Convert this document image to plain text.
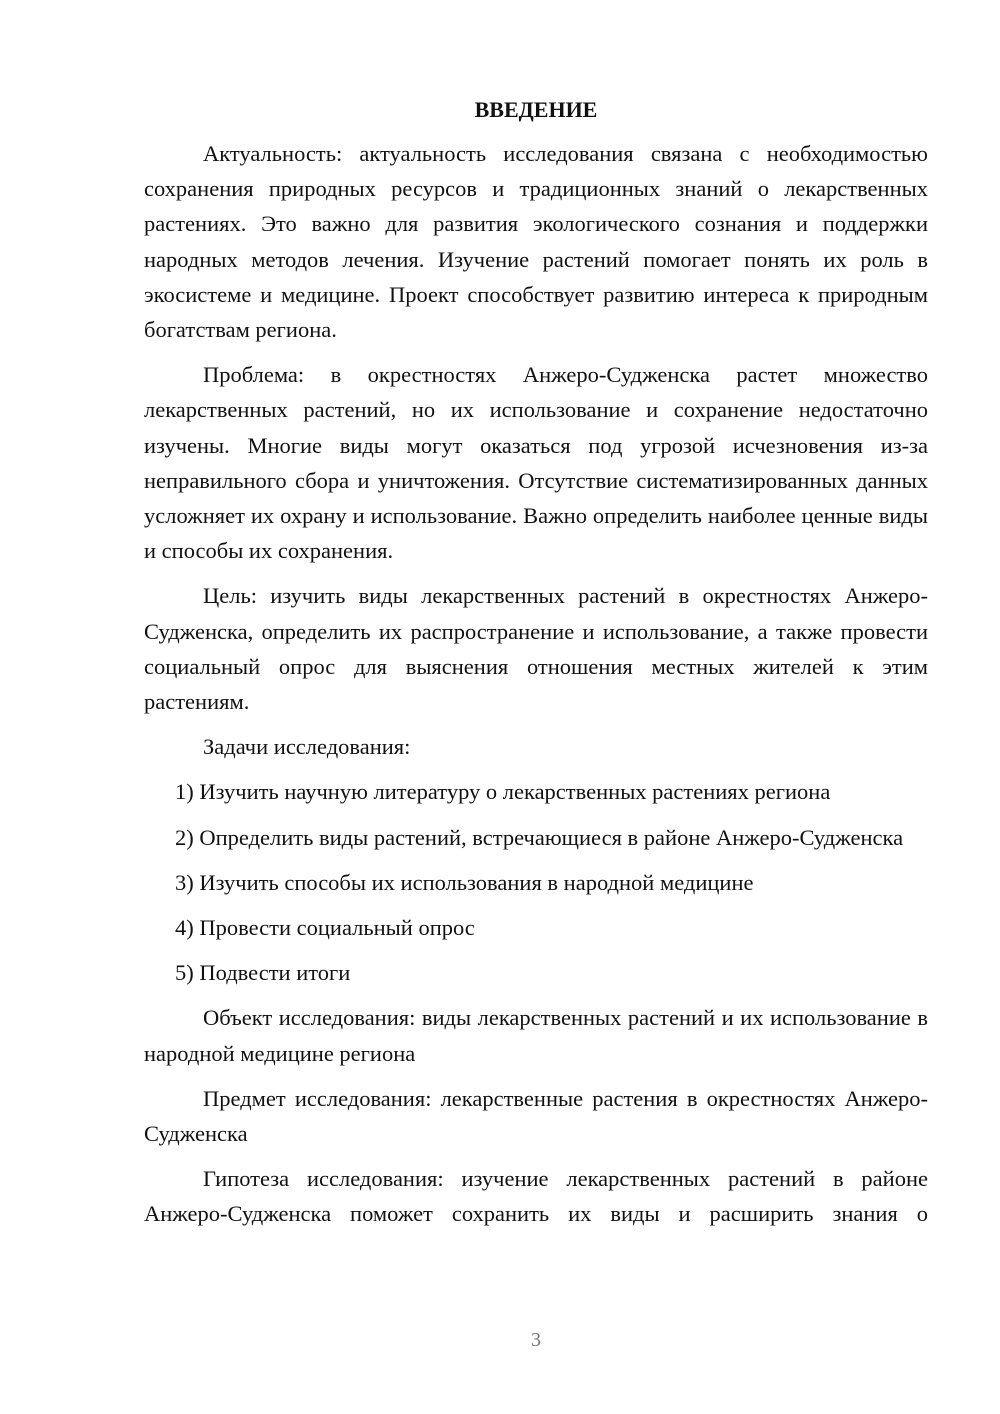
ВВЕДЕНИЕ

Актуальность: актуальность исследования связана с необходимостью сохранения природных ресурсов и традиционных знаний о лекарственных растениях. Это важно для развития экологического сознания и поддержки народных методов лечения. Изучение растений помогает понять их роль в экосистеме и медицине. Проект способствует развитию интереса к природным богатствам региона.

Проблема: в окрестностях Анжеро-Судженска растет множество лекарственных растений, но их использование и сохранение недостаточно изучены. Многие виды могут оказаться под угрозой исчезновения из-за неправильного сбора и уничтожения. Отсутствие систематизированных данных усложняет их охрану и использование. Важно определить наиболее ценные виды и способы их сохранения.

Цель: изучить виды лекарственных растений в окрестностях Анжеро-Судженска, определить их распространение и использование, а также провести социальный опрос для выяснения отношения местных жителей к этим растениям.

Задачи исследования:

1) Изучить научную литературу о лекарственных растениях региона

2) Определить виды растений, встречающиеся в районе Анжеро-Судженска

3) Изучить способы их использования в народной медицине

4) Провести социальный опрос

5) Подвести итоги

Объект исследования: виды лекарственных растений и их использование в народной медицине региона

Предмет исследования: лекарственные растения в окрестностях Анжеро-Судженска

Гипотеза исследования: изучение лекарственных растений в районе Анжеро-Судженска поможет сохранить их виды и расширить знания о

3
